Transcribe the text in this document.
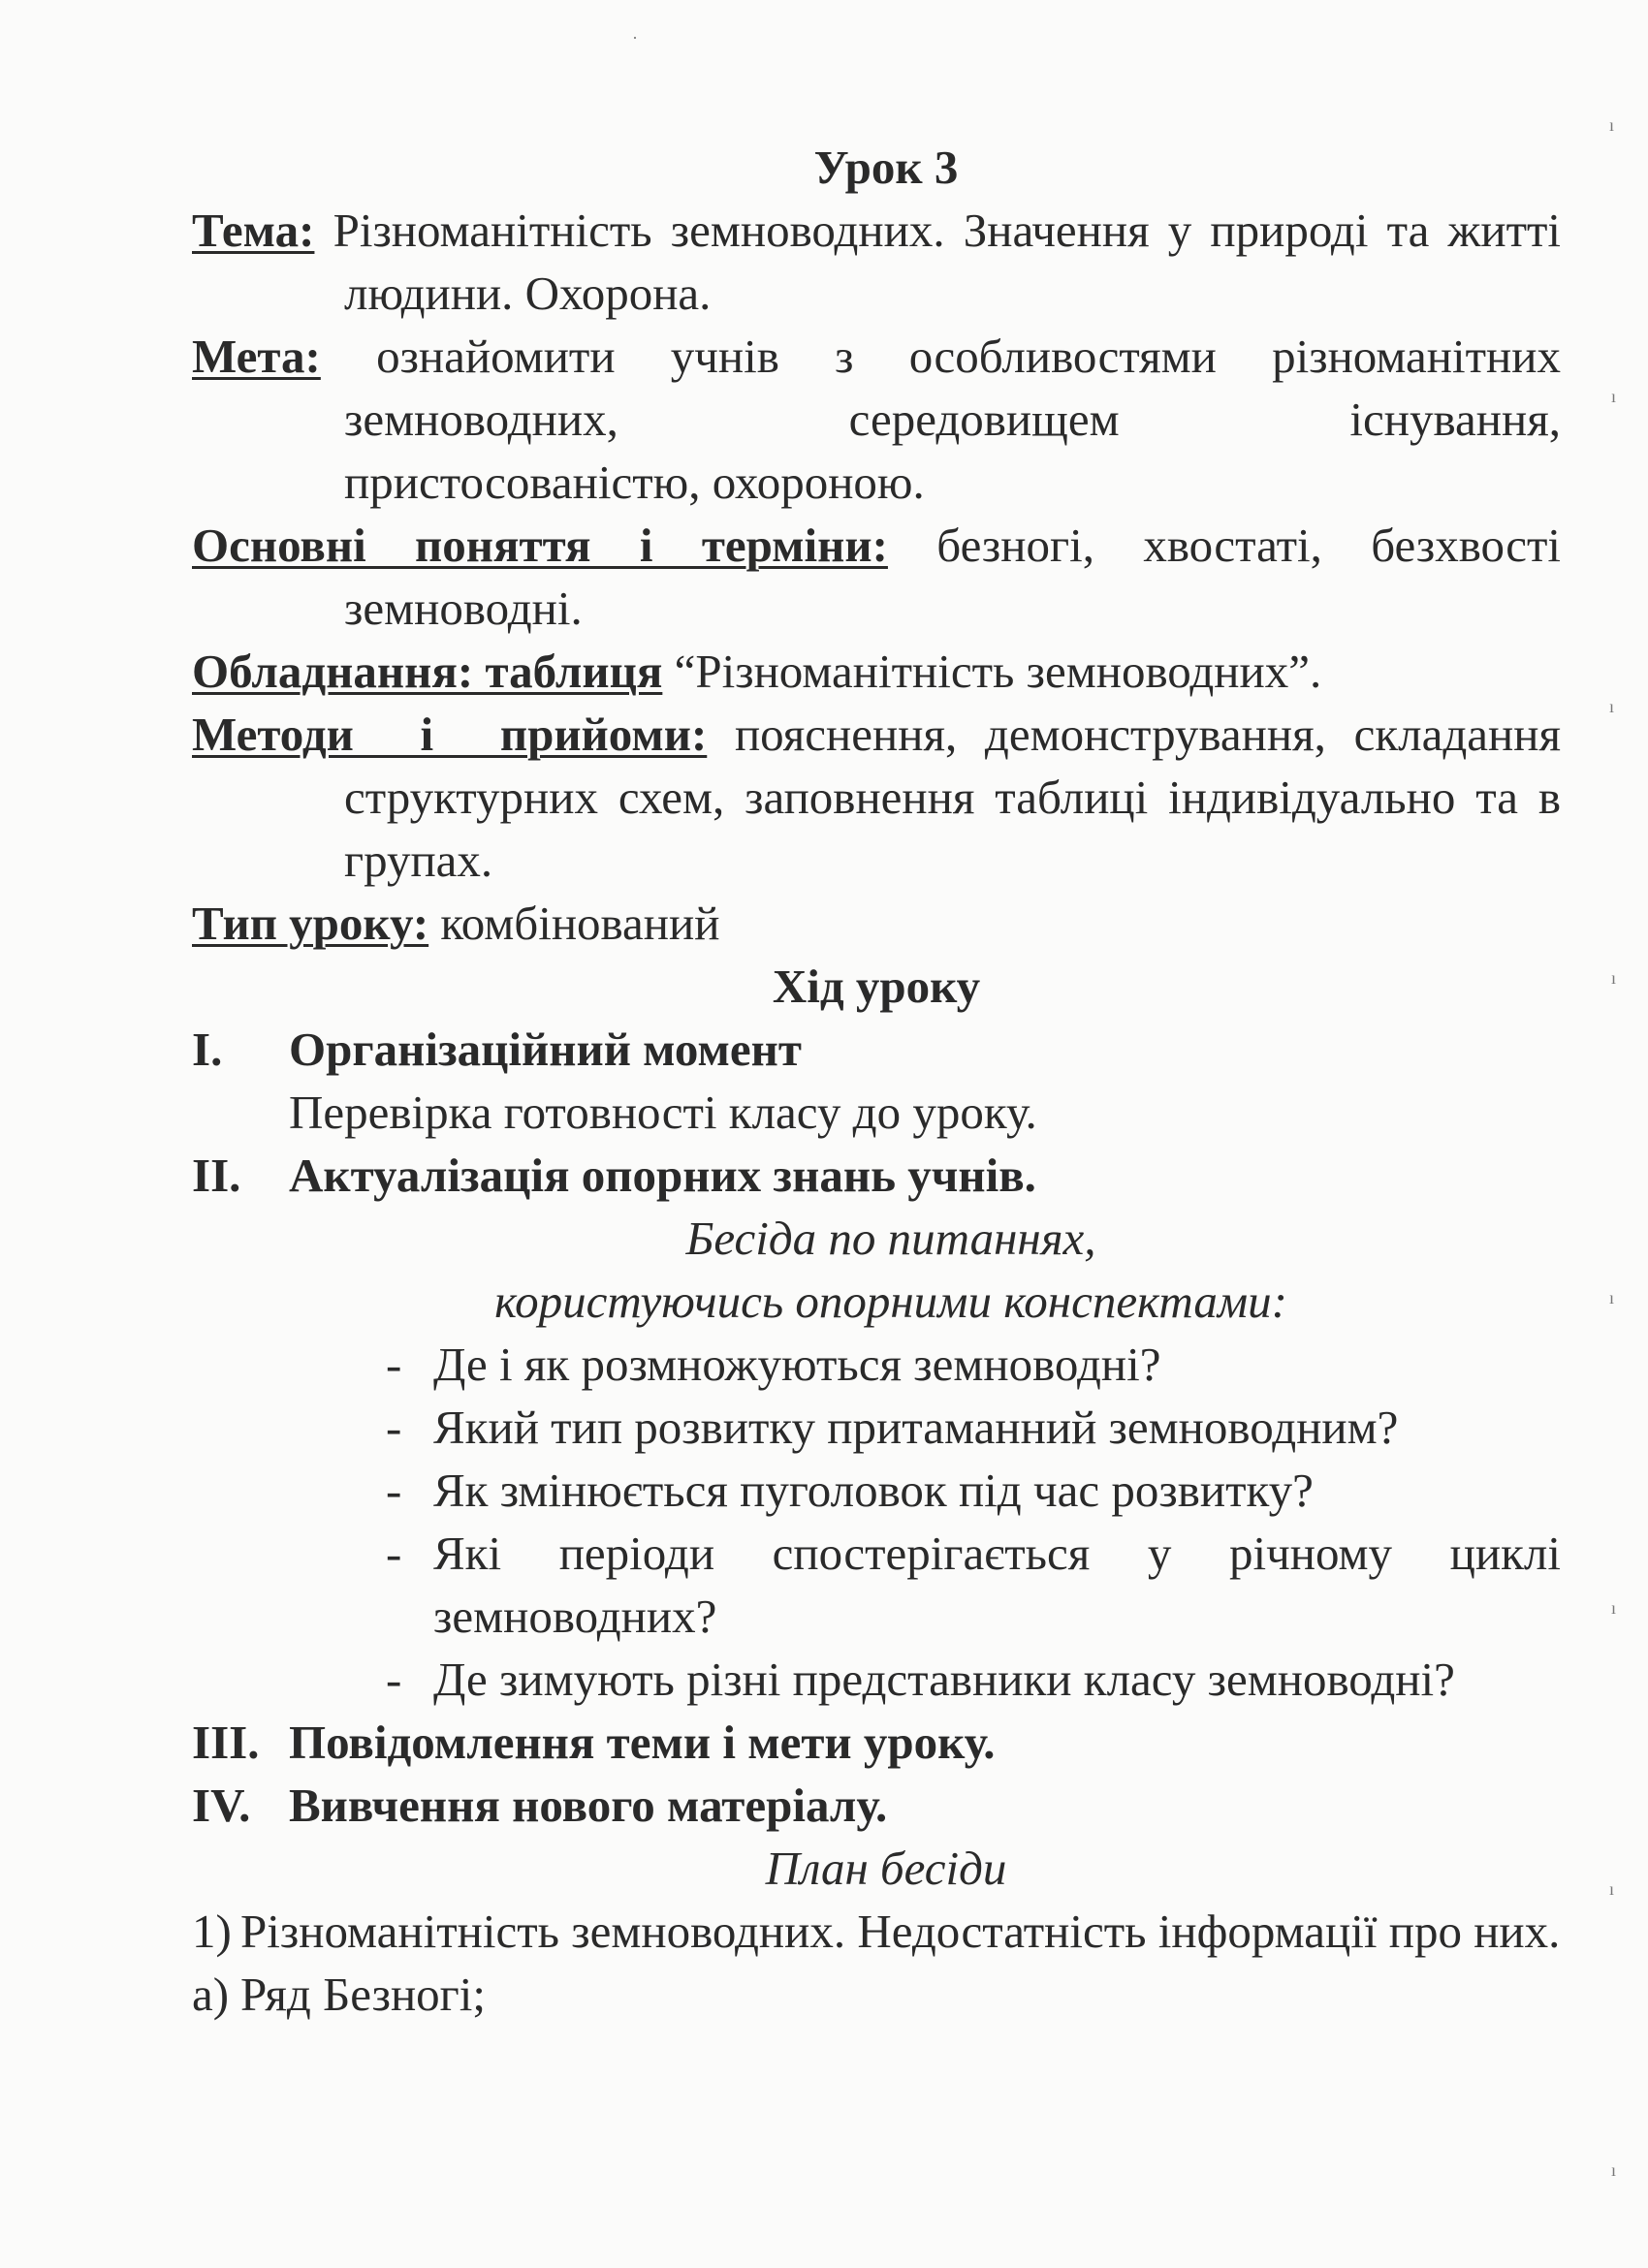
Урок 3
Тема: Різноманітність земноводних. Значення у природі та житті людини. Охорона.
Мета: ознайомити учнів з особливостями різноманітних
земноводних, середовищем існування,
пристосованістю, охороною.
Основні поняття і терміни: безногі, хвостаті, безхвості земноводні.
Обладнання: таблиця “Різноманітність земноводних”.
Методи і прийоми: пояснення, демонстрування, складання структурних схем, заповнення таблиці індивідуально та в групах.
Тип уроку: комбінований
Хід уроку
I. Організаційний момент
Перевірка готовності класу до уроку.
II. Актуалізація опорних знань учнів.
Бесіда по питаннях,
користуючись опорними конспектами:
- Де і як розмножуються земноводні?
- Який тип розвитку притаманний земноводним?
- Як змінюється пуголовок під час розвитку?
- Які періоди спостерігається у річному циклі земноводних?
- Де зимують різні представники класу земноводні?
III. Повідомлення теми і мети уроку.
IV. Вивчення нового матеріалу.
План бесіди
1) Різноманітність земноводних. Недостатність інформації про них.
а) Ряд Безногі;
ı
ı
ı
ı
ı
ı
ı
ı
·
